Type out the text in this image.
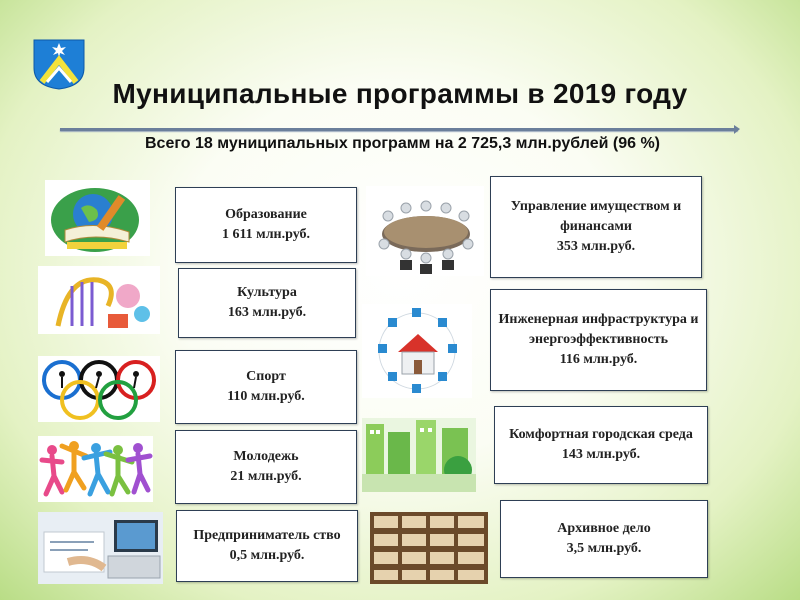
Муниципальные программы в 2019 году
Всего 18 муниципальных программ на 2 725,3 млн.рублей (96 %)
Образование
1 611 млн.руб.
Культура
163 млн.руб.
Спорт
110 млн.руб.
Молодежь
21 млн.руб.
Предприниматель ство
0,5 млн.руб.
Управление имуществом и финансами
353 млн.руб.
Инженерная инфраструктура и энергоэффективность
116 млн.руб.
Комфортная городская среда
143 млн.руб.
Архивное дело
3,5 млн.руб.
